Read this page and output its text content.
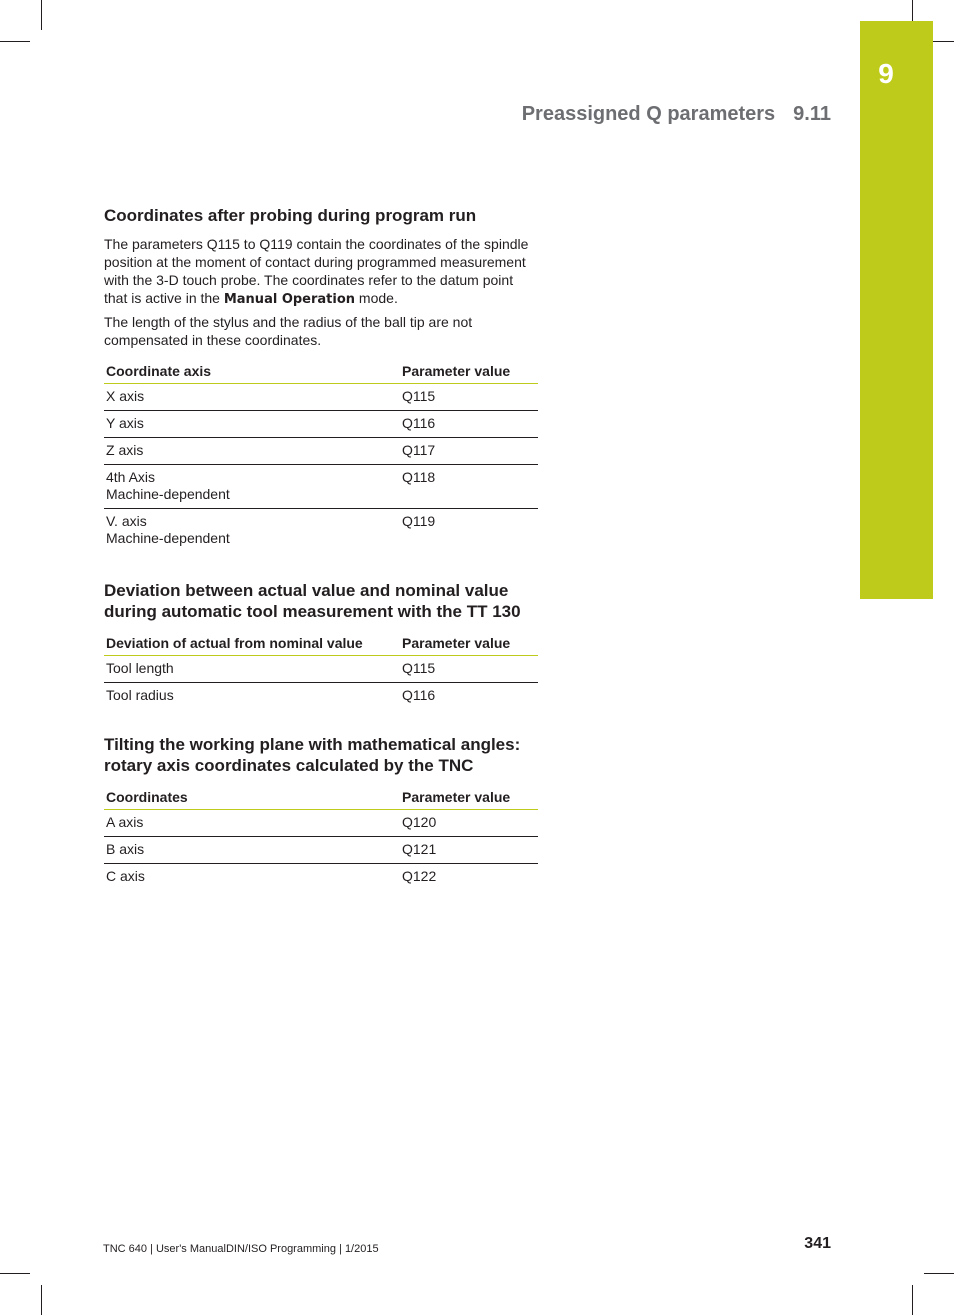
9
Preassigned Q parameters 9.11
Coordinates after probing during program run

The parameters Q115 to Q119 contain the coordinates of the spindle position at the moment of contact during programmed measurement with the 3-D touch probe. The coordinates refer to the datum point that is active in the Manual Operation mode.

The length of the stylus and the radius of the ball tip are not compensated in these coordinates.

Coordinate axis	Parameter value

X axis	Q115

Y axis	Q116

Z axis	Q117

4th Axis
Machine-dependent	Q118

V. axis
Machine-dependent	Q119
Deviation between actual value and nominal value
during automatic tool measurement with the TT 130
Deviation of actual from nominal value	Parameter value
Tool length	Q115
Tool radius	Q116
Tilting the working plane with mathematical angles:
rotary axis coordinates calculated by the TNC
Coordinates	Parameter value
A axis	Q120
B axis	Q121
C axis	Q122
TNC 640 | User's ManualDIN/ISO Programming | 1/2015	341
